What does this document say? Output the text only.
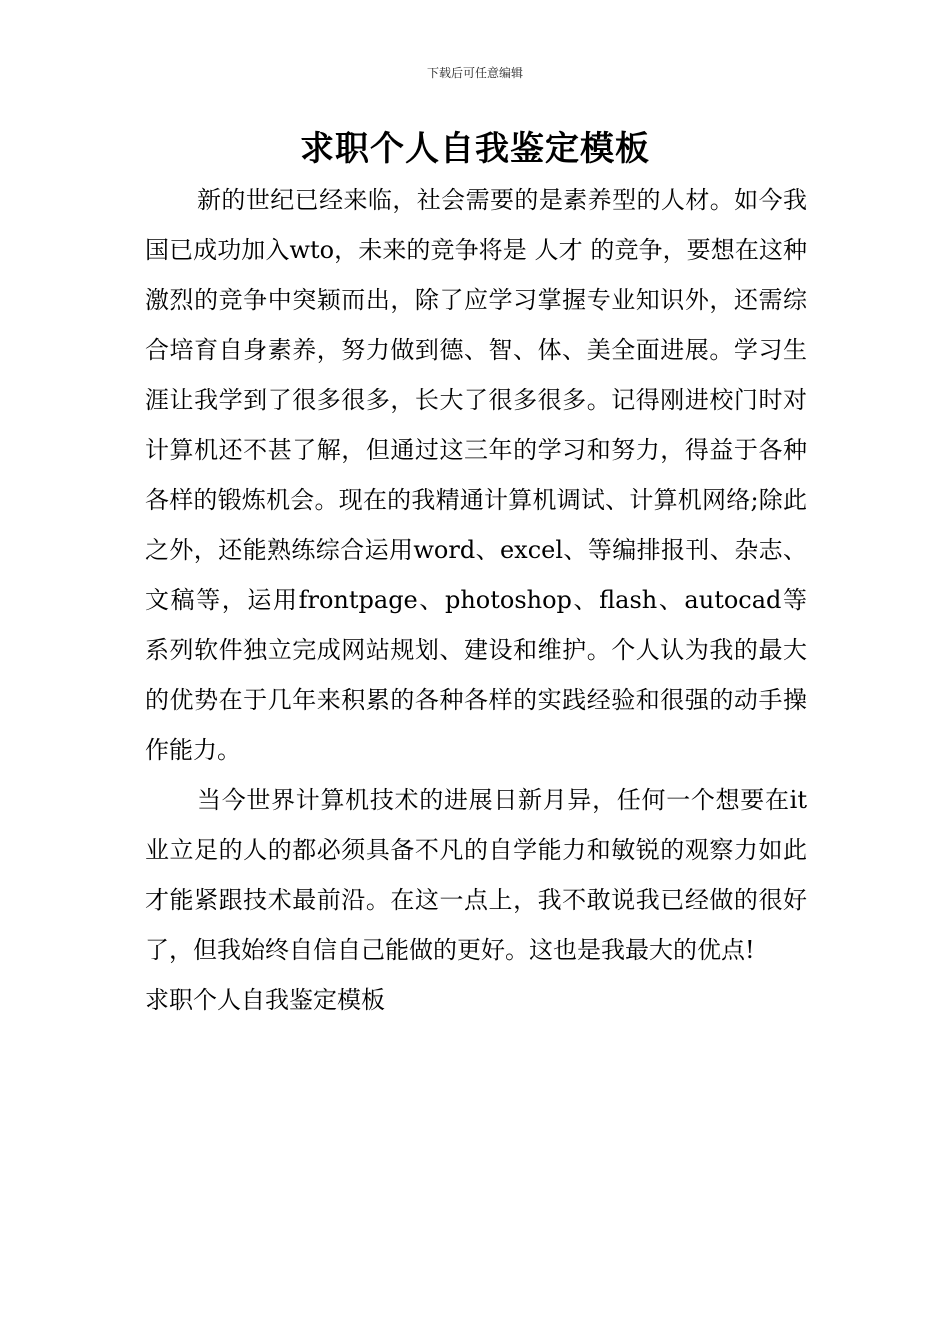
下载后可任意编辑
求职个人自我鉴定模板

新的世纪已经来临，社会需要的是素养型的人材。如今我国已成功加入wto，未来的竞争将是 人才 的竞争，要想在这种激烈的竞争中突颖而出，除了应学习掌握专业知识外，还需综合培育自身素养，努力做到德、智、体、美全面进展。学习生涯让我学到了很多很多，长大了很多很多。记得刚进校门时对计算机还不甚了解，但通过这三年的学习和努力，得益于各种各样的锻炼机会。现在的我精通计算机调试、计算机网络;除此之外，还能熟练综合运用word、excel、等编排报刊、杂志、文稿等，运用frontpage、photoshop、flash、autocad等系列软件独立完成网站规划、建设和维护。个人认为我的最大的优势在于几年来积累的各种各样的实践经验和很强的动手操作能力。

当今世界计算机技术的进展日新月异，任何一个想要在it业立足的人的都必须具备不凡的自学能力和敏锐的观察力如此才能紧跟技术最前沿。在这一点上，我不敢说我已经做的很好了，但我始终自信自己能做的更好。这也是我最大的优点!

求职个人自我鉴定模板
